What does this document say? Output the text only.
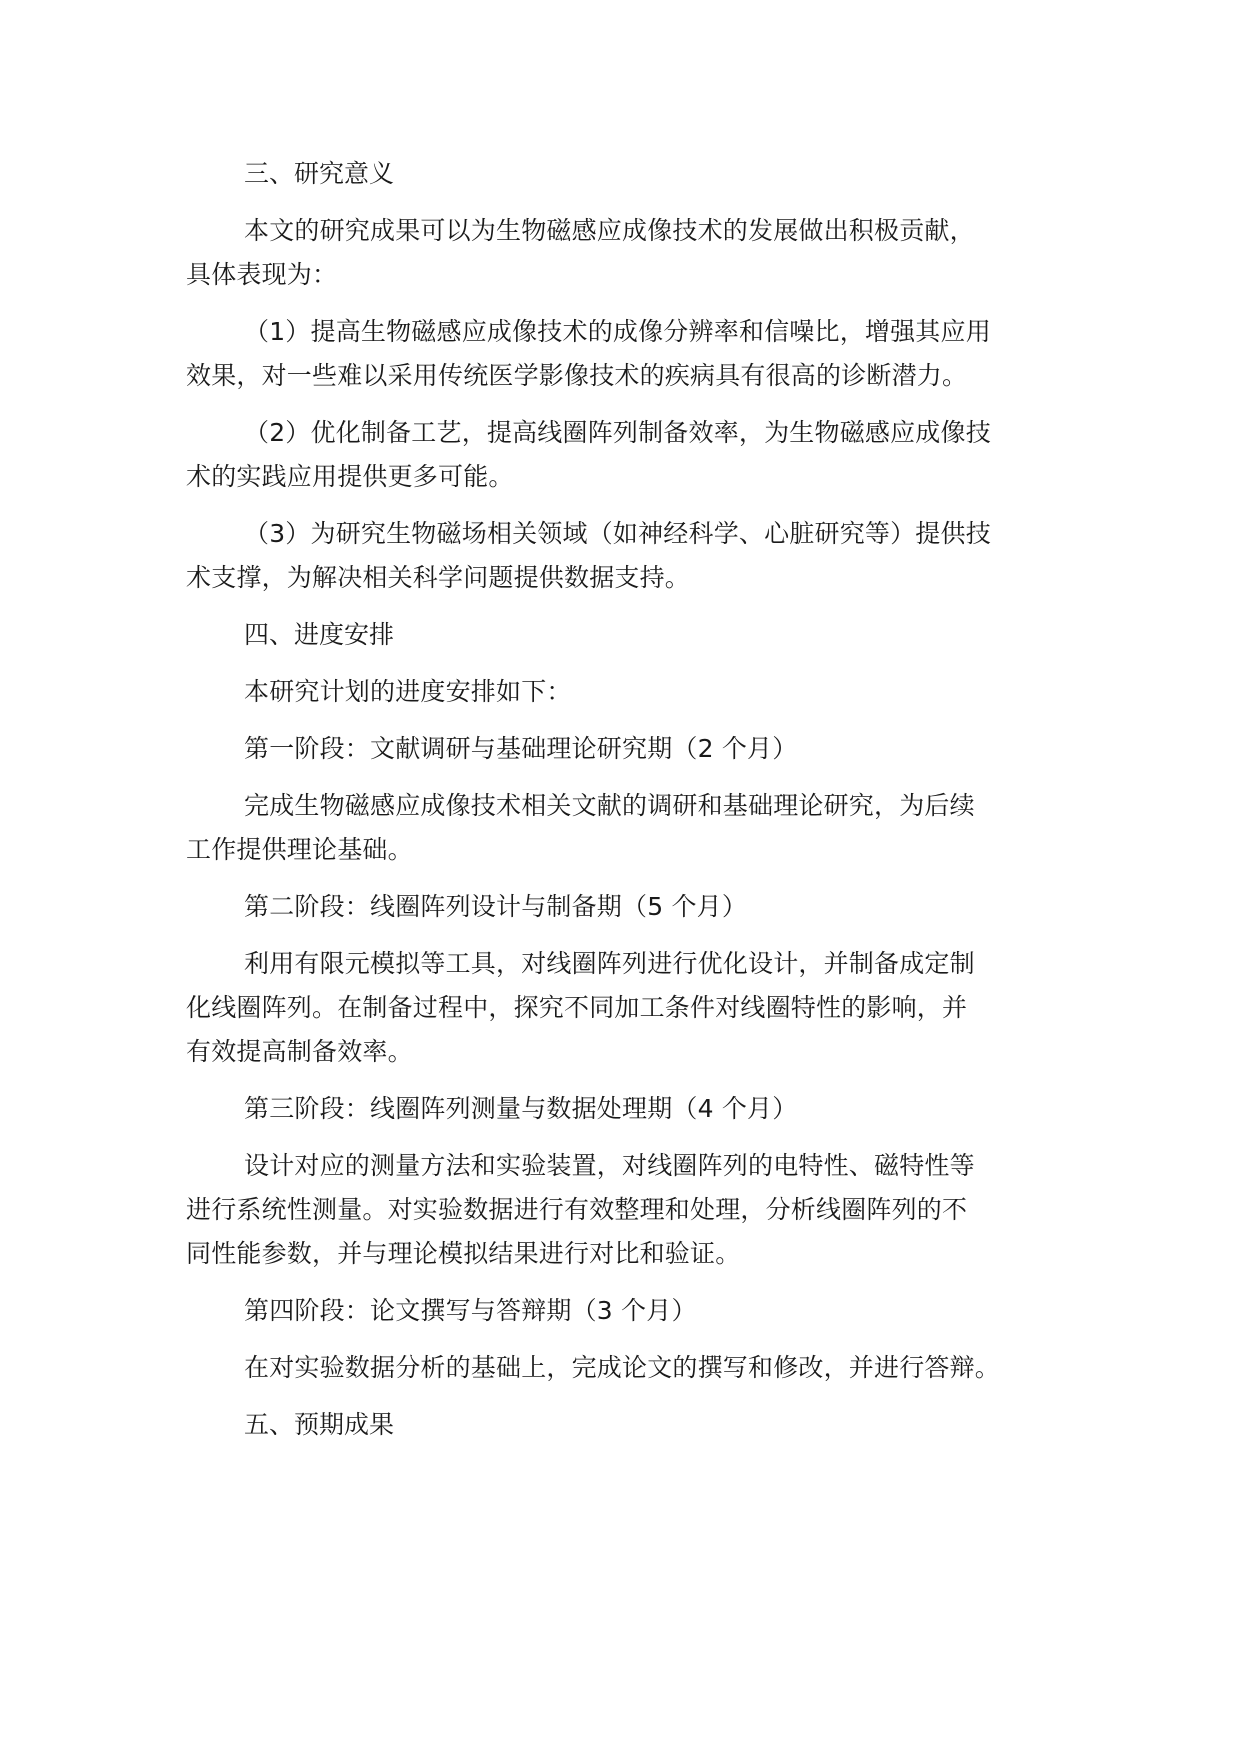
三、研究意义
本文的研究成果可以为生物磁感应成像技术的发展做出积极贡献，
具体表现为：
（1）提高生物磁感应成像技术的成像分辨率和信噪比，增强其应用
效果，对一些难以采用传统医学影像技术的疾病具有很高的诊断潜力。
（2）优化制备工艺，提高线圈阵列制备效率，为生物磁感应成像技
术的实践应用提供更多可能。
（3）为研究生物磁场相关领域（如神经科学、心脏研究等）提供技
术支撑，为解决相关科学问题提供数据支持。
四、进度安排
本研究计划的进度安排如下：
第一阶段：文献调研与基础理论研究期（2 个月）
完成生物磁感应成像技术相关文献的调研和基础理论研究，为后续
工作提供理论基础。
第二阶段：线圈阵列设计与制备期（5 个月）
利用有限元模拟等工具，对线圈阵列进行优化设计，并制备成定制
化线圈阵列。在制备过程中，探究不同加工条件对线圈特性的影响，并
有效提高制备效率。
第三阶段：线圈阵列测量与数据处理期（4 个月）
设计对应的测量方法和实验装置，对线圈阵列的电特性、磁特性等
进行系统性测量。对实验数据进行有效整理和处理，分析线圈阵列的不
同性能参数，并与理论模拟结果进行对比和验证。
第四阶段：论文撰写与答辩期（3 个月）
在对实验数据分析的基础上，完成论文的撰写和修改，并进行答辩。
五、预期成果
